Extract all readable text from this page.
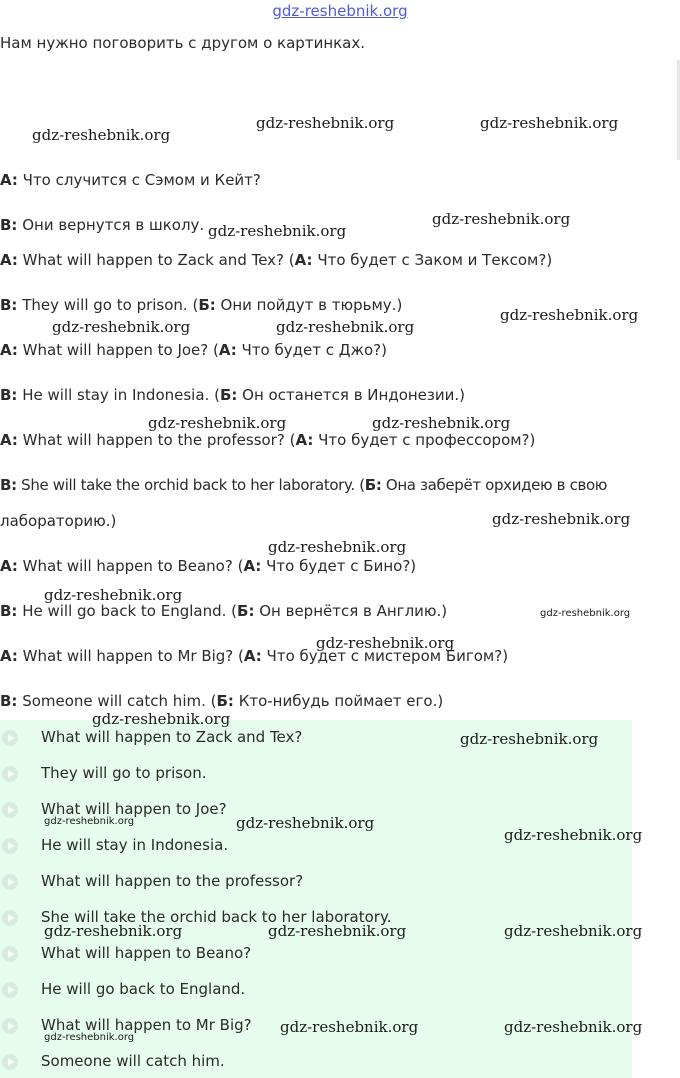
gdz-reshebnik.org
Нам нужно поговорить с другом о картинках.
A: Что случится с Сэмом и Кейт?
B: Они вернутся в школу.
A: What will happen to Zack and Tex? (A: Что будет с Заком и Тексом?)
B: They will go to prison. (Б: Они пойдут в тюрьму.)
A: What will happen to Joe? (A: Что будет с Джо?)
B: He will stay in Indonesia. (Б: Он останется в Индонезии.)
A: What will happen to the professor? (A: Что будет с профессором?)
B: She will take the orchid back to her laboratory. (Б: Она заберёт орхидею в свою
лабораторию.)
A: What will happen to Beano? (A: Что будет с Бино?)
B: He will go back to England. (Б: Он вернётся в Англию.)
A: What will happen to Mr Big? (A: Что будет с мистером Бигом?)
B: Someone will catch him. (Б: Кто-нибудь поймает его.)
What will happen to Zack and Tex?
They will go to prison.
What will happen to Joe?
He will stay in Indonesia.
What will happen to the professor?
She will take the orchid back to her laboratory.
What will happen to Beano?
He will go back to England.
What will happen to Mr Big?
Someone will catch him.
gdz-reshebnik.org
gdz-reshebnik.org	gdz-reshebnik.org
gdz-reshebnik.org
gdz-reshebnik.org
gdz-reshebnik.org	gdz-reshebnik.org
gdz-reshebnik.org
gdz-reshebnik.org	gdz-reshebnik.org
gdz-reshebnik.org
gdz-reshebnik.org
gdz-reshebnik.org
gdz-reshebnik.org
gdz-reshebnik.org
gdz-reshebnik.org
gdz-reshebnik.org
gdz-reshebnik.org	gdz-reshebnik.org
gdz-reshebnik.org
gdz-reshebnik.org	gdz-reshebnik.org	gdz-reshebnik.org
gdz-reshebnik.org	gdz-reshebnik.org
gdz-reshebnik.org
